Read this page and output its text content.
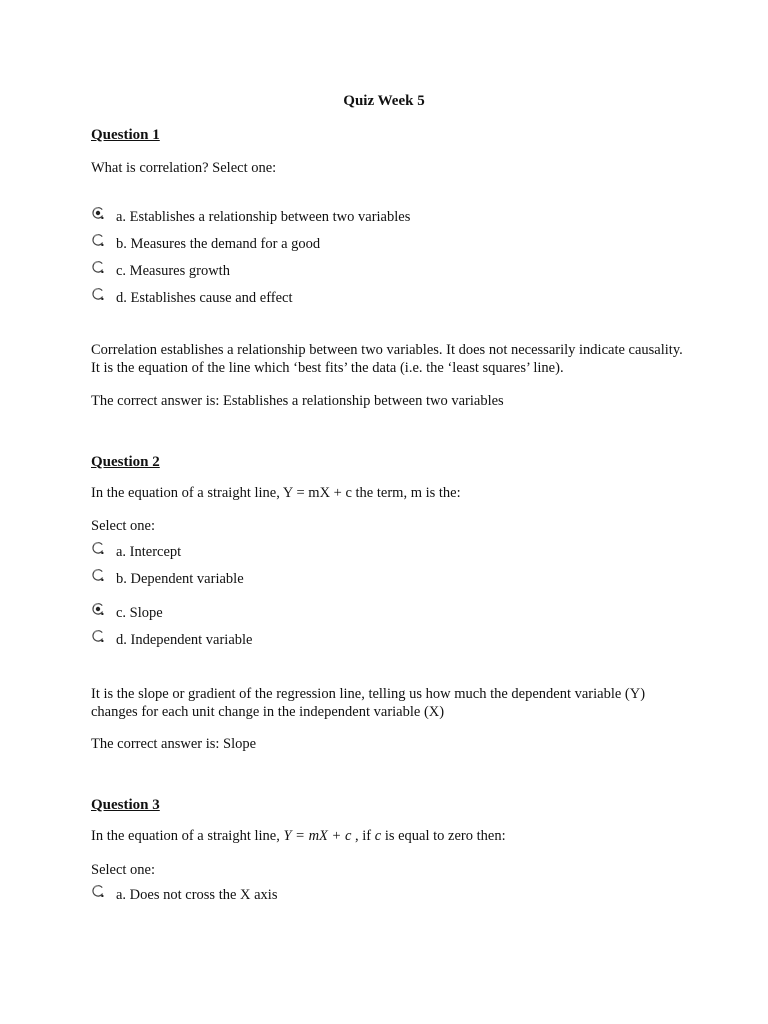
Quiz Week 5
Question 1
What is correlation? Select one:
a. Establishes a relationship between two variables
b. Measures the demand for a good
c. Measures growth
d. Establishes cause and effect
Correlation establishes a relationship between two variables. It does not necessarily indicate causality. It is the equation of the line which ‘best fits’ the data (i.e. the ‘least squares’ line).
The correct answer is: Establishes a relationship between two variables
Question 2
In the equation of a straight line, Y = mX + c the term, m is the:
Select one:
a. Intercept
b. Dependent variable
c. Slope
d. Independent variable
It is the slope or gradient of the regression line, telling us how much the dependent variable (Y) changes for each unit change in the independent variable (X)
The correct answer is: Slope
Question 3
In the equation of a straight line, Y = mX + c , if c is equal to zero then:
Select one:
a. Does not cross the X axis
